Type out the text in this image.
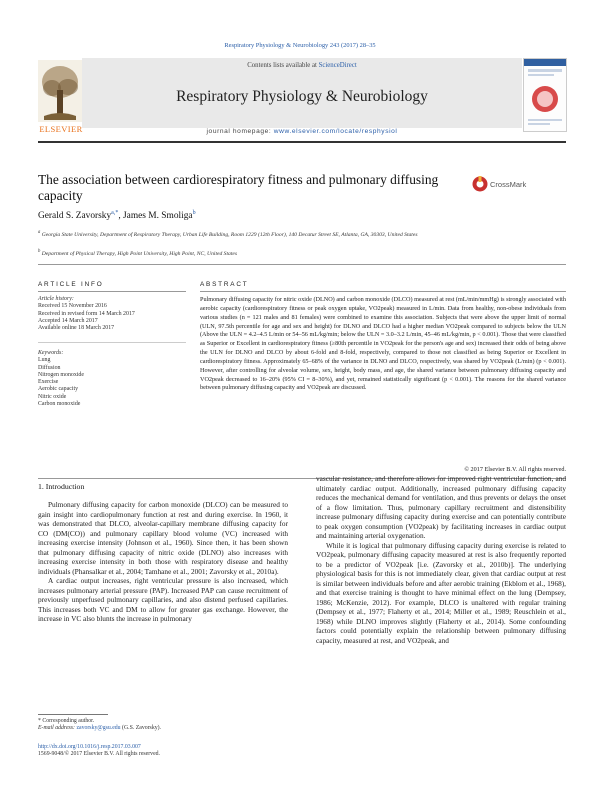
Respiratory Physiology & Neurobiology 243 (2017) 28–35
Contents lists available at ScienceDirect
Respiratory Physiology & Neurobiology
ELSEVIER	journal homepage: www.elsevier.com/locate/resphysiol
The association between cardiorespiratory fitness and pulmonary diffusing capacity
CrossMark
Gerald S. Zavorsky$^{a,*}$, James M. Smoliga$^b$
$^a$ Georgia State University, Department of Respiratory Therapy, Urban Life Building, Room 1229 (12th Floor), 140 Decatur Street SE, Atlanta, GA, 30303, United States
$^b$ Department of Physical Therapy, High Point University, High Point, NC, United States
ARTICLE INFO	ABSTRACT
Article history:
Received 15 November 2016
Received in revised form 14 March 2017
Accepted 14 March 2017
Available online 18 March 2017
Keywords:
Lung
Diffusion
Nitrogen monoxide
Exercise
Aerobic capacity
Nitric oxide
Carbon monoxide
Pulmonary diffusing capacity for nitric oxide (DLNO) and carbon monoxide (DLCO) measured at rest (mL/min/mmHg) is strongly associated with aerobic capacity (cardiorespiratory fitness or peak oxygen uptake, VO2peak) measured in L/min. Data from healthy, non-obese individuals from various studies (n = 121 males and 81 females) were combined to examine this association. Subjects that were above the upper limit of normal (ULN, 97.5th percentile for age and sex and height) for DLNO and DLCO had a higher median VO2peak compared to subjects below the ULN (Above the ULN = 4.2–4.5 L/min or 54–56 mL/kg/min; below the ULN = 3.0–3.2 L/min, 45–46 mL/kg/min, p < 0.001). Those that were classified as Superior or Excellent in cardiorespiratory fitness (≥80th percentile in VO2peak for the person's age and sex) increased their odds of being above the ULN for DLNO and DLCO by about 6-fold and 8-fold, respectively, compared to those not classified as being Superior or Excellent in cardiorespiratory fitness. Approximately 65–68% of the variance in DLNO and DLCO, respectively, was shared by VO2peak (L/min) (p < 0.001). However, after controlling for alveolar volume, sex, height, body mass, and age, the shared variance between pulmonary diffusing capacity and VO2peak decreased to 16–20% (95% CI = 8–30%), and yet, remained statistically significant (p < 0.001). The reasons for the shared variance between pulmonary diffusing capacity and VO2peak are discussed.
© 2017 Elsevier B.V. All rights reserved.
1. Introduction

Pulmonary diffusing capacity for carbon monoxide (DLCO) can be measured to gain insight into cardiopulmonary function at rest and during exercise. In 1960, it was demonstrated that DLCO, alveolar-capillary membrane diffusing capacity for CO (DM(CO)) and pulmonary capillary blood volume (VC) increased with increasing exercise intensity (Johnson et al., 1960). Since then, it has been shown that pulmonary diffusing capacity of nitric oxide (DLNO) also increases with increasing exercise intensity in both those with respiratory disease and healthy individuals (Phansalkar et al., 2004; Tamhane et al., 2001; Zavorsky et al., 2010a).

A cardiac output increases, right ventricular pressure is also increased, which increases pulmonary arterial pressure (PAP). Increased PAP can cause recruitment of previously unperfused pulmonary capillaries, and also distend perfused capillaries. This increases both VC and DM to allow for greater gas exchange. However, the increase in VC also blunts the increase in pulmonary

vascular resistance, and therefore allows for improved right ventricular function, and ultimately cardiac output. Additionally, increased pulmonary diffusing capacity reduces the mechanical demand for ventilation, and thus prevents or delays the onset of a flow limitation. Thus, pulmonary capillary recruitment and distensibility increase pulmonary diffusing capacity during exercise and can potentially contribute to peak oxygen consumption (VO2peak) by facilitating increases in cardiac output and maintaining arterial oxygenation.

While it is logical that pulmonary diffusing capacity during exercise is related to VO2peak, pulmonary diffusing capacity measured at rest is also frequently reported to be a predictor of VO2peak [i.e. (Zavorsky et al., 2010b)]. The underlying physiological basis for this is not immediately clear, given that cardiac output at rest is similar between individuals before and after aerobic training (Ekblom et al., 1968), and that exercise training is thought to have minimal effect on the lung (Dempsey, 1986; McKenzie, 2012). For example, DLCO is unaltered with regular training (Dempsey et al., 1977; Flaherty et al., 2014; Miller et al., 1989; Reuschlein et al., 1968) while DLNO improves slightly (Flaherty et al., 2014). Some confounding factors could potentially explain the relationship between pulmonary diffusing capacity, measured at rest, and VO2peak, and

* Corresponding author.
E-mail address: zavorsky@gsu.edu (G.S. Zavorsky).
http://dx.doi.org/10.1016/j.resp.2017.03.007
1569-9048/© 2017 Elsevier B.V. All rights reserved.
